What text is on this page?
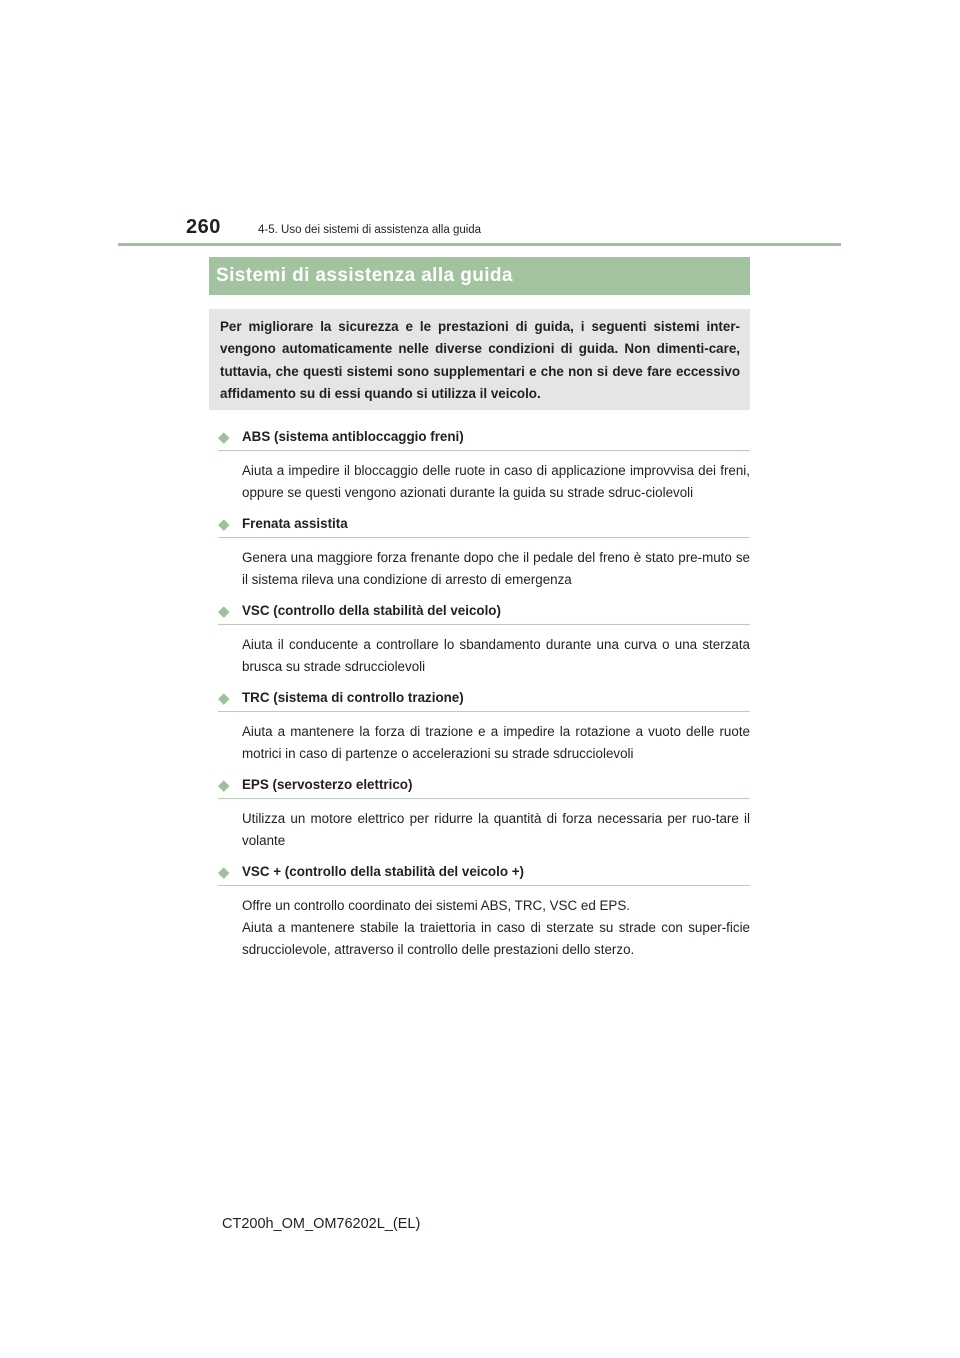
260	4-5. Uso dei sistemi di assistenza alla guida
Sistemi di assistenza alla guida

Per migliorare la sicurezza e le prestazioni di guida, i seguenti sistemi inter-vengono automaticamente nelle diverse condizioni di guida. Non dimenti-care, tuttavia, che questi sistemi sono supplementari e che non si deve fare eccessivo affidamento su di essi quando si utilizza il veicolo.

◆ ABS (sistema antibloccaggio freni)

Aiuta a impedire il bloccaggio delle ruote in caso di applicazione improvvisa dei freni, oppure se questi vengono azionati durante la guida su strade sdruc-ciolevoli

◆ Frenata assistita

Genera una maggiore forza frenante dopo che il pedale del freno è stato pre-muto se il sistema rileva una condizione di arresto di emergenza

◆ VSC (controllo della stabilità del veicolo)

Aiuta il conducente a controllare lo sbandamento durante una curva o una sterzata brusca su strade sdrucciolevoli

◆ TRC (sistema di controllo trazione)

Aiuta a mantenere la forza di trazione e a impedire la rotazione a vuoto delle ruote motrici in caso di partenze o accelerazioni su strade sdrucciolevoli

◆ EPS (servosterzo elettrico)

Utilizza un motore elettrico per ridurre la quantità di forza necessaria per ruo-tare il volante

◆ VSC + (controllo della stabilità del veicolo +)

Offre un controllo coordinato dei sistemi ABS, TRC, VSC ed EPS.

Aiuta a mantenere stabile la traiettoria in caso di sterzate su strade con super-ficie sdrucciolevole, attraverso il controllo delle prestazioni dello sterzo.

CT200h_OM_OM76202L_(EL)
